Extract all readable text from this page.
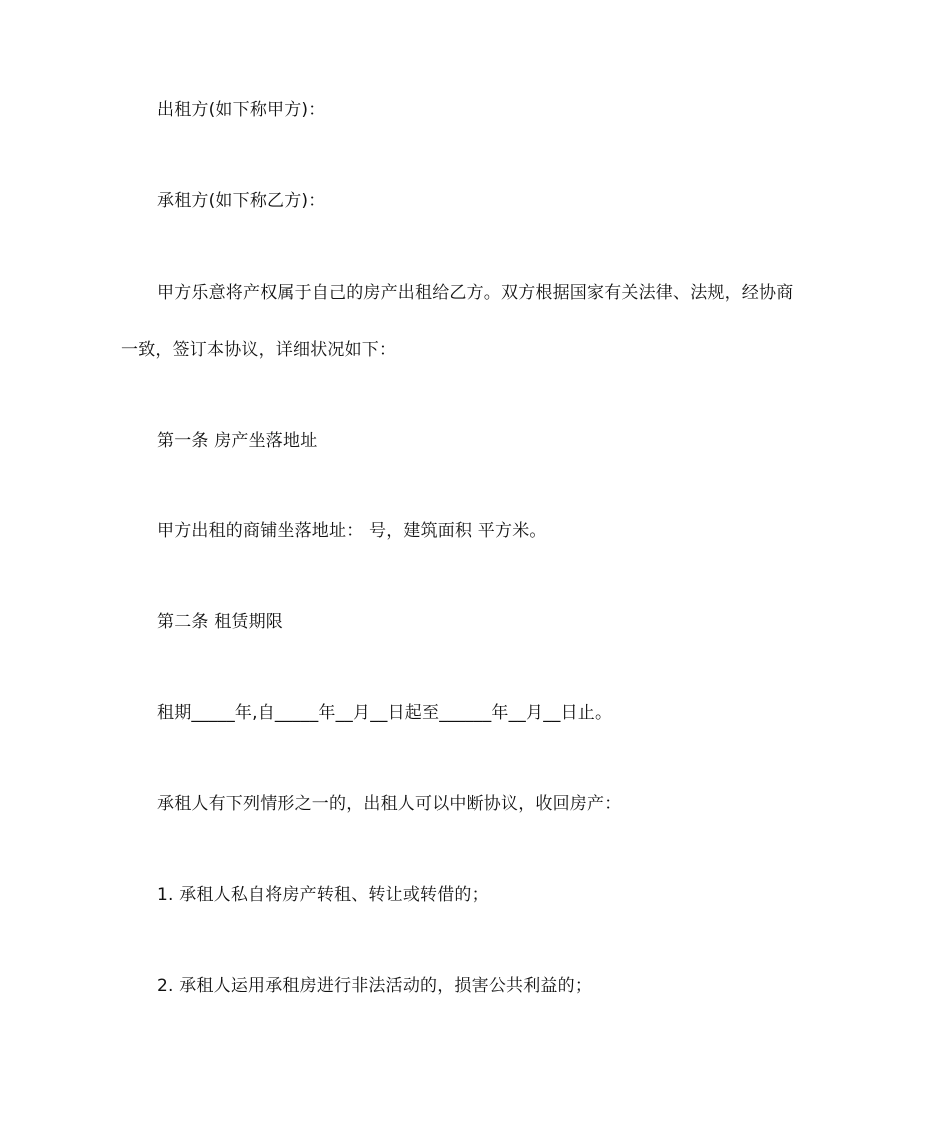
出租方(如下称甲方)：
承租方(如下称乙方)：
甲方乐意将产权属于自己的房产出租给乙方。双方根据国家有关法律、法规，经协商
一致，签订本协议，详细状况如下：
第一条 房产坐落地址
甲方出租的商铺坐落地址： 号，建筑面积 平方米。
第二条 租赁期限
租期_____年,自_____年__月__日起至______年__月__日止。
承租人有下列情形之一的，出租人可以中断协议，收回房产：
1. 承租人私自将房产转租、转让或转借的；
2. 承租人运用承租房进行非法活动的，损害公共利益的；
